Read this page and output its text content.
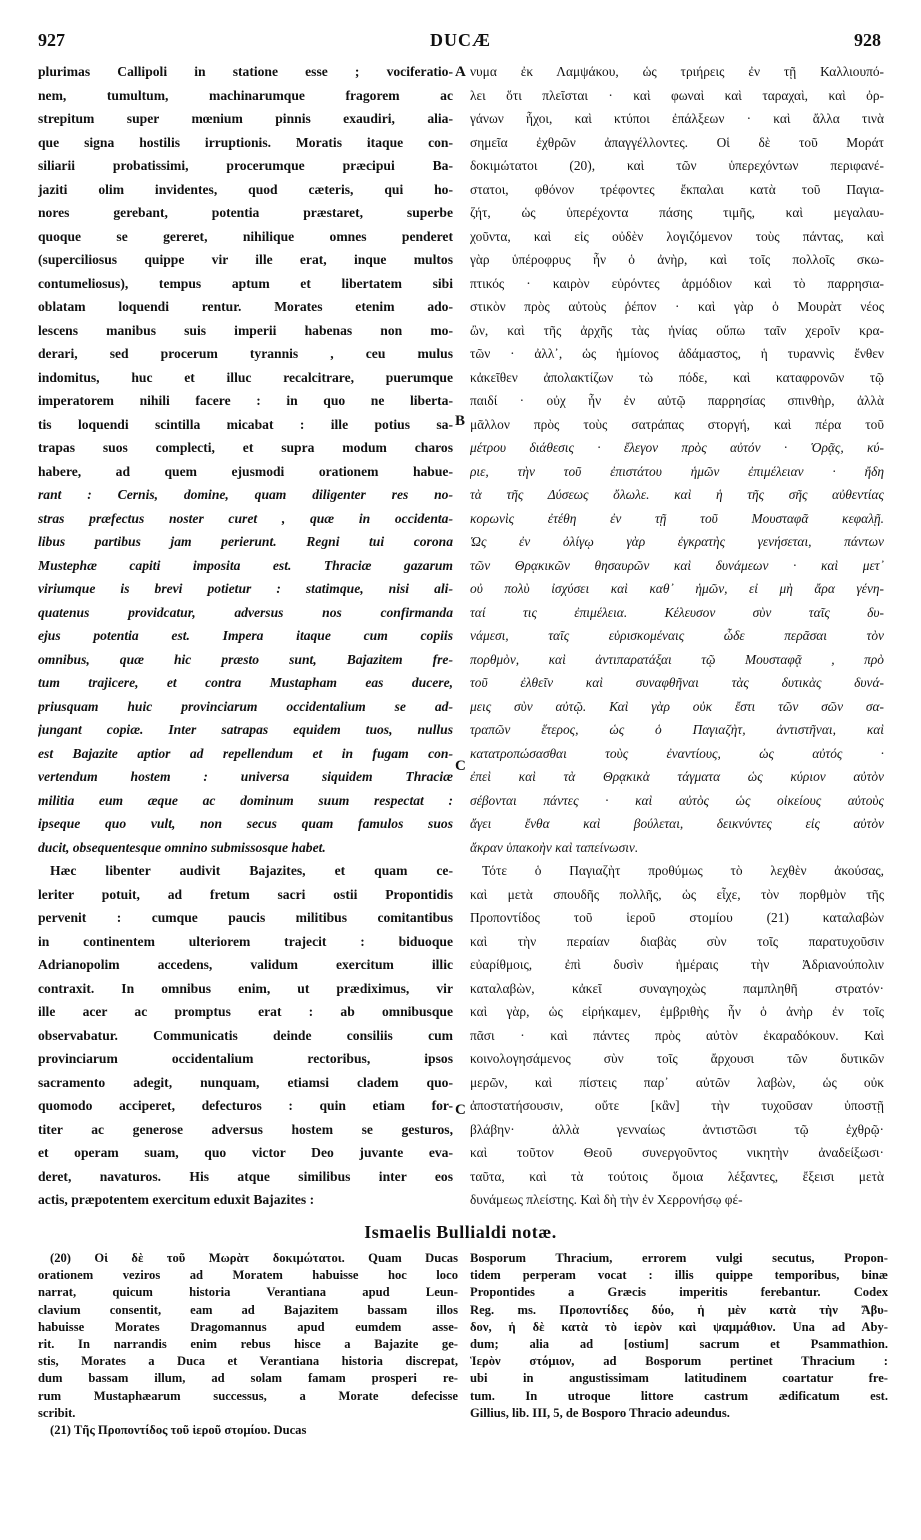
927	DUCÆ	928
plurimas Callipoli in statione esse ; vociferatio-
nem, tumultum, machinarumque fragorem ac
strepitum super mœnium pinnis exaudiri, alia-
que signa hostilis irruptionis. Moratis itaque con-
siliarii probatissimi, procerumque præcipui Ba-
jaziti olim invidentes, quod cæteris, qui ho-
nores gerebant, potentia præstaret, superbe
quoque se gereret, nihilique omnes penderet
(superciliosus quippe vir ille erat, inque multos
contumeliosus), tempus aptum et libertatem sibi
oblatam loquendi rentur. Morates etenim ado-
lescens manibus suis imperii habenas non mo-
derari, sed procerum tyrannis , ceu mulus
indomitus, huc et illuc recalcitrare, puerumque
imperatorem nihili facere : in quo ne liberta-
tis loquendi scintilla micabat : ille potius sa-
trapas suos complecti, et supra modum charos
habere, ad quem ejusmodi orationem habue-
rant : Cernis, domine, quam diligenter res no-
stras præfectus noster curet , quæ in occidenta-
libus partibus jam perierunt. Regni tui corona
Mustephæ capiti imposita est. Thraciæ gazarum
viriumque is brevi potietur : statimque, nisi ali-
quatenus providcatur, adversus nos confirmanda
ejus potentia est. Impera itaque cum copiis
omnibus, quæ hic præsto sunt, Bajazitem fre-
tum trajicere, et contra Mustapham eas ducere,
priusquam huic provinciarum occidentalium se ad-
jungant copiæ. Inter satrapas equidem tuos, nullus
est Bajazite aptior ad repellendum et in fugam con-
vertendum hostem : universa siquidem Thraciæ
militia eum æque ac dominum suum respectat :
ipseque quo vult, non secus quam famulos suos
ducit, obsequentesque omnino submissosque habet.
Hæc libenter audivit Bajazites, et quam ce-
leriter potuit, ad fretum sacri ostii Propontidis
pervenit : cumque paucis militibus comitantibus
in continentem ulteriorem trajecit : biduoque
Adrianopolim accedens, validum exercitum illic
contraxit. In omnibus enim, ut prædiximus, vir
ille acer ac promptus erat : ab omnibusque
observabatur. Communicatis deinde consiliis cum
provinciarum occidentalium rectoribus, ipsos
sacramento adegit, nunquam, etiamsi cladem quo-
quomodo acciperet, defecturos : quin etiam for-
titer ac generose adversus hostem se gesturos,
et operam suam, quo victor Deo juvante eva-
deret, navaturos. His atque similibus inter eos
actis, præpotentem exercitum eduxit Bajazites :
νυμα ἐκ Λαμψάκου, ὡς τριήρεις ἐν τῇ Καλλιουπό-
λει ὅτι πλεῖσται · καὶ φωναὶ καὶ ταραχαὶ, καὶ ὀρ-
γάνων ἦχοι, καὶ κτύποι ἐπάλξεων · καὶ ἄλλα τινὰ
σημεῖα ἐχθρῶν ἀπαγγέλλοντες. Οἱ δὲ τοῦ Μοράτ
δοκιμώτατοι (20), καὶ τῶν ὑπερεχόντων περιφανέ-
στατοι, φθόνον τρέφοντες ἔκπαλαι κατὰ τοῦ Παγια-
ζήτ, ὡς ὑπερέχοντα πάσης τιμῆς, καὶ μεγαλαυ-
χοῦντα, καὶ εἰς οὐδὲν λογιζόμενον τοὺς πάντας, καὶ
γὰρ ὑπέροφρυς ἦν ὁ ἀνὴρ, καὶ τοῖς πολλοῖς σκω-
πτικός · καιρὸν εὑρόντες ἁρμόδιον καὶ τὸ παρρησια-
στικὸν πρὸς αὐτοὺς ῥέπον · καὶ γὰρ ὁ Μουρὰτ νέος
ὢν, καὶ τῆς ἀρχῆς τὰς ἡνίας οὔπω ταῖν χεροῖν κρα-
τῶν · ἀλλ᾽, ὡς ἡμίονος ἀδάμαστος, ἡ τυραννὶς ἔνθεν
κἀκεῖθεν ἀπολακτίζων τὼ πόδε, καὶ καταφρονῶν τῷ
παιδί · οὐχ ἦν ἐν αὐτῷ παρρησίας σπινθὴρ, ἀλλὰ
μᾶλλον πρὸς τοὺς σατράπας στοργή, καὶ πέρα τοῦ
μέτρου διάθεσις · ἔλεγον πρὸς αὐτόν · Ὁρᾷς, κύ-
ριε, τὴν τοῦ ἐπιστάτου ἡμῶν ἐπιμέλειαν · ἤδη
τὰ τῆς Δύσεως ὄλωλε. καὶ ἡ τῆς σῆς αὐθεντίας
κορωνὶς ἐτέθη ἐν τῇ τοῦ Μουσταφᾶ κεφαλῇ.
Ὡς ἐν ὀλίγῳ γὰρ ἐγκρατὴς γενήσεται, πάντων
τῶν Θρᾳκικῶν θησαυρῶν καὶ δυνάμεων · καὶ μετ᾽
οὐ πολὺ ἰσχύσει καὶ καθ᾽ ἡμῶν, εἰ μὴ ἄρα γένη-
ταί τις ἐπιμέλεια. Κέλευσον σὺν ταῖς δυ-
νάμεσι, ταῖς εὑρισκομέναις ὧδε περᾶσαι τὸν
πορθμὸν, καὶ ἀντιπαρατάξαι τῷ Μουσταφᾷ , πρὸ
τοῦ ἐλθεῖν καὶ συναφθῆναι τὰς δυτικὰς δυνά-
μεις σὺν αὐτῷ. Καὶ γὰρ οὐκ ἔστι τῶν σῶν σα-
τραπῶν ἕτερος, ὡς ὁ Παγιαζὴτ, ἀντιστῆναι, καὶ
κατατροπώσασθαι τοὺς ἐναντίους, ὡς αὐτός ·
ἐπεὶ καὶ τὰ Θρᾳκικὰ τάγματα ὡς κύριον αὐτὸν
σέβονται πάντες · καὶ αὐτὸς ὡς οἰκείους αὐτοὺς
ἄγει ἔνθα καὶ βούλεται, δεικνύντες εἰς αὐτὸν
ἄκραν ὑπακοὴν καὶ ταπείνωσιν.
Τότε ὁ Παγιαζὴτ προθύμως τὸ λεχθὲν ἀκούσας,
καὶ μετὰ σπουδῆς πολλῆς, ὡς εἶχε, τὸν πορθμὸν τῆς
Προποντίδος τοῦ ἱεροῦ στομίου (21) καταλαβὼν
καὶ τὴν περαίαν διαβὰς σὺν τοῖς παρατυχοῦσιν
εὐαρίθμοις, ἐπὶ δυσὶν ἡμέραις τὴν Ἀδριανούπολιν
καταλαβὼν, κἀκεῖ συναγηοχὼς παμπληθῆ στρατόν·
καὶ γὰρ, ὡς εἰρήκαμεν, ἐμβριθὴς ἦν ὁ ἀνὴρ ἐν τοῖς
πᾶσι · καὶ πάντες πρὸς αὐτὸν ἐκαραδόκουν. Καὶ
κοινολογησάμενος σὺν τοῖς ἄρχουσι τῶν δυτικῶν
μερῶν, καὶ πίστεις παρ᾽ αὐτῶν λαβὼν, ὡς οὐκ
ἀποστατήσουσιν, οὔτε [κἂν] τὴν τυχοῦσαν ὑποστῇ
βλάβην· ἀλλὰ γενναίως ἀντιστῶσι τῷ ἐχθρῷ·
καὶ τοῦτον Θεοῦ συνεργοῦντος νικητὴν ἀναδείξωσι·
ταῦτα, καὶ τὰ τούτοις ὅμοια λέξαντες, ἔξεισι μετὰ
δυνάμεως πλείστης. Καὶ δὴ τὴν ἐν Χερρονήσῳ φέ-
A
B
C
C
Ismaelis Bullialdi notæ.
(20) Οἱ δὲ τοῦ Μωρὰτ δοκιμώτατοι. Quam Ducas
orationem veziros ad Moratem habuisse hoc loco
narrat, quicum historia Verantiana apud Leun-
clavium consentit, eam ad Bajazitem bassam illos
habuisse Morates Dragomannus apud eumdem asse-
rit. In narrandis enim rebus hisce a Bajazite ge-
stis, Morates a Duca et Verantiana historia discrepat,
dum bassam illum, ad solam famam prosperi re-
rum Mustaphæarum successus, a Morate defecisse
scribit.
(21) Τῆς Προποντίδος τοῦ ἱεροῦ στομίου. Ducas
Bosporum Thracium, errorem vulgi secutus, Propon-
tidem perperam vocat : illis quippe temporibus, binæ
Propontides a Græcis imperitis ferebantur. Codex
Reg. ms. Προποντίδες δύο, ἡ μὲν κατὰ τὴν Ἄβυ-
δον, ἡ δὲ κατὰ τὸ ἱερὸν καὶ ψαμμάθιον. Una ad Aby-
dum; alia ad [ostium] sacrum et Psammathion.
Ἱερὸν στόμιον, ad Bosporum pertinet Thracium :
ubi in angustissimam latitudinem coartatur fre-
tum. In utroque littore castrum ædificatum est.
Gillius, lib. III, 5, de Bosporo Thracio adeundus.
